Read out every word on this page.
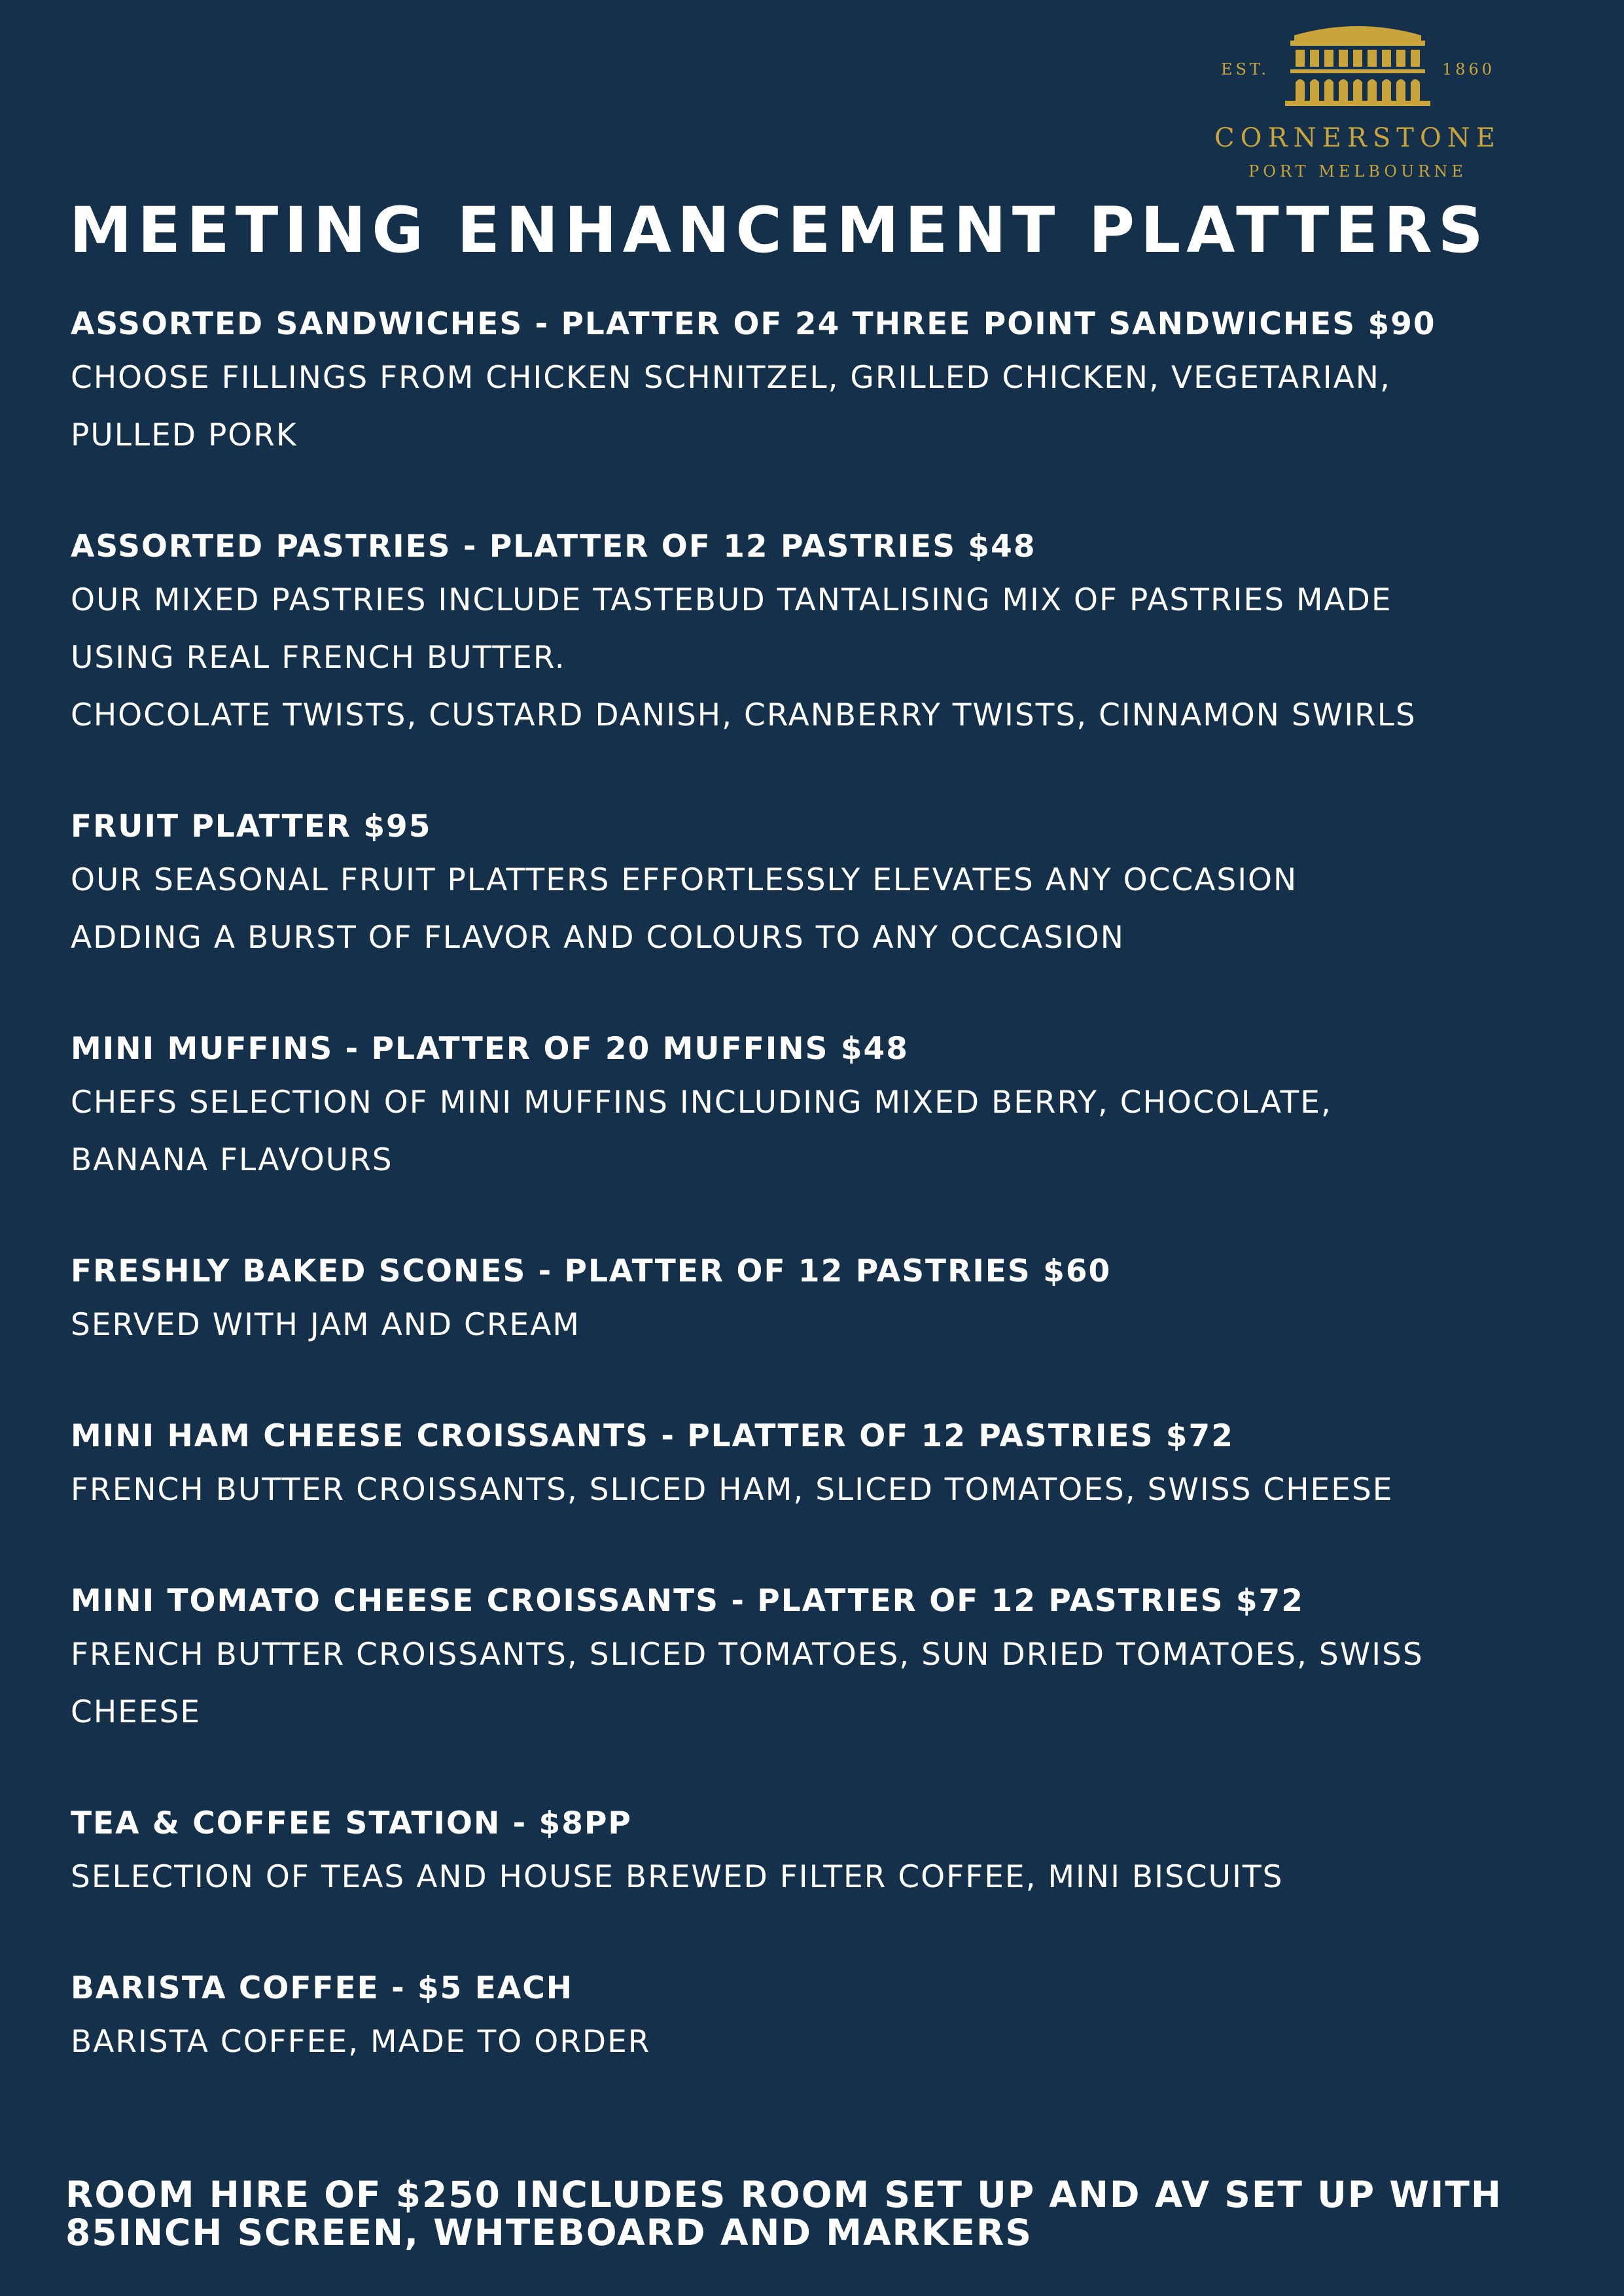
EST.	1860
CORNERSTONE
PORT MELBOURNE
MEETING ENHANCEMENT PLATTERS
ASSORTED SANDWICHES - PLATTER OF 24 THREE POINT SANDWICHES $90
CHOOSE FILLINGS FROM CHICKEN SCHNITZEL, GRILLED CHICKEN, VEGETARIAN,
PULLED PORK
ASSORTED PASTRIES - PLATTER OF 12 PASTRIES $48
OUR MIXED PASTRIES INCLUDE TASTEBUD TANTALISING MIX OF PASTRIES MADE
USING REAL FRENCH BUTTER.
CHOCOLATE TWISTS, CUSTARD DANISH, CRANBERRY TWISTS, CINNAMON SWIRLS
FRUIT PLATTER $95
OUR SEASONAL FRUIT PLATTERS EFFORTLESSLY ELEVATES ANY OCCASION
ADDING A BURST OF FLAVOR AND COLOURS TO ANY OCCASION
MINI MUFFINS - PLATTER OF 20 MUFFINS $48
CHEFS SELECTION OF MINI MUFFINS INCLUDING MIXED BERRY, CHOCOLATE,
BANANA FLAVOURS
FRESHLY BAKED SCONES - PLATTER OF 12 PASTRIES $60
SERVED WITH JAM AND CREAM
MINI HAM CHEESE CROISSANTS - PLATTER OF 12 PASTRIES $72
FRENCH BUTTER CROISSANTS, SLICED HAM, SLICED TOMATOES, SWISS CHEESE
MINI TOMATO CHEESE CROISSANTS - PLATTER OF 12 PASTRIES $72
FRENCH BUTTER CROISSANTS, SLICED TOMATOES, SUN DRIED TOMATOES, SWISS
CHEESE
TEA & COFFEE STATION - $8PP
SELECTION OF TEAS AND HOUSE BREWED FILTER COFFEE, MINI BISCUITS
BARISTA COFFEE - $5 EACH
BARISTA COFFEE, MADE TO ORDER
ROOM HIRE OF $250 INCLUDES ROOM SET UP AND AV SET UP WITH
85INCH SCREEN, WHTEBOARD AND MARKERS
